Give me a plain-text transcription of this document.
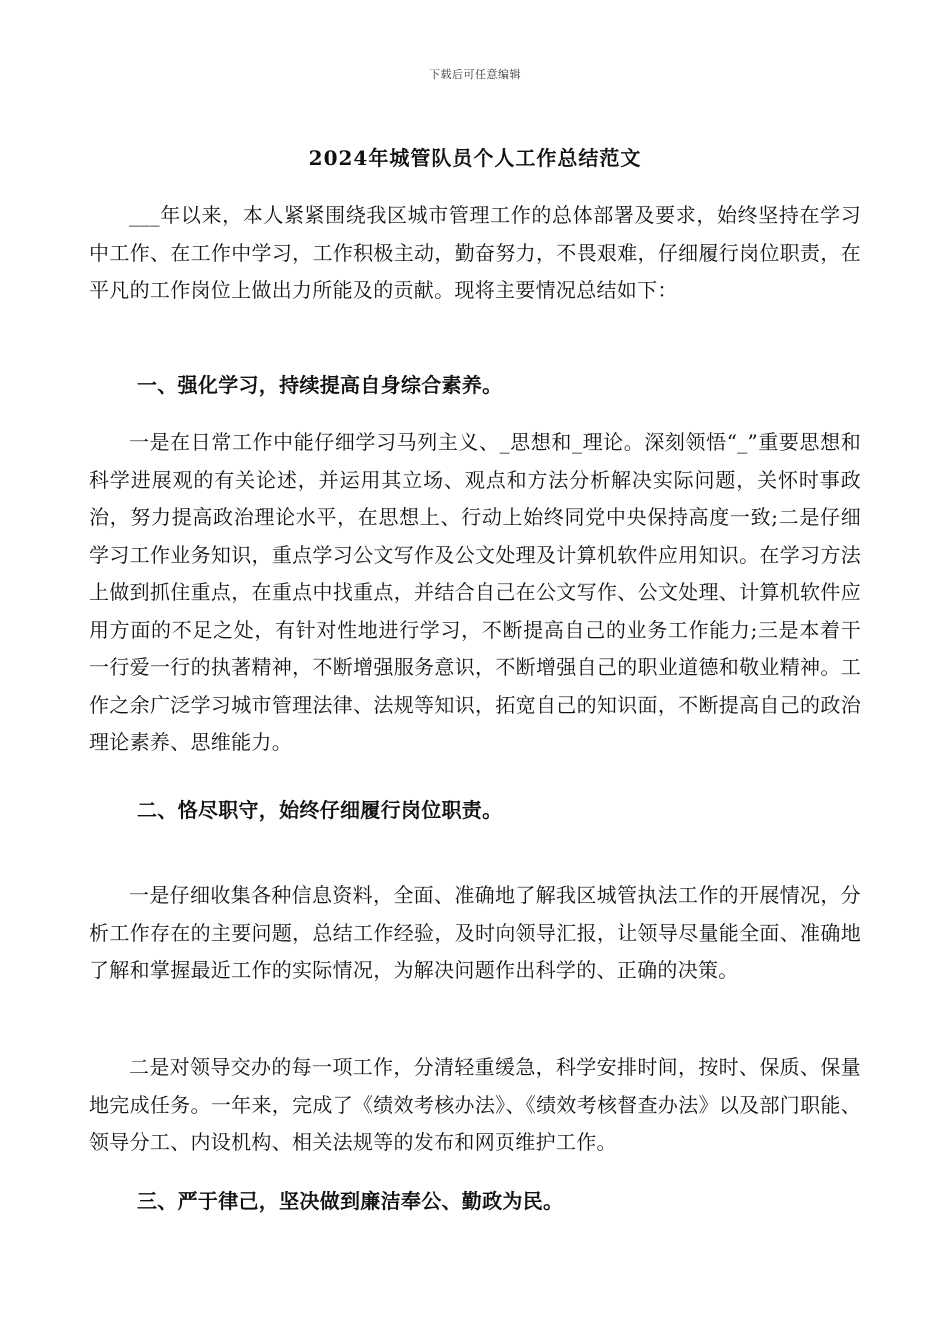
下载后可任意编辑
2024年城管队员个人工作总结范文

___年以来，本人紧紧围绕我区城市管理工作的总体部署及要求，始终坚持在学习中工作、在工作中学习，工作积极主动，勤奋努力，不畏艰难，仔细履行岗位职责，在平凡的工作岗位上做出力所能及的贡献。现将主要情况总结如下：

一、强化学习，持续提高自身综合素养。

一是在日常工作中能仔细学习马列主义、_思想和_理论。深刻领悟“_”重要思想和科学进展观的有关论述，并运用其立场、观点和方法分析解决实际问题，关怀时事政治，努力提高政治理论水平，在思想上、行动上始终同党中央保持高度一致;二是仔细学习工作业务知识，重点学习公文写作及公文处理及计算机软件应用知识。在学习方法上做到抓住重点，在重点中找重点，并结合自己在公文写作、公文处理、计算机软件应用方面的不足之处，有针对性地进行学习，不断提高自己的业务工作能力;三是本着干一行爱一行的执著精神，不断增强服务意识，不断增强自己的职业道德和敬业精神。工作之余广泛学习城市管理法律、法规等知识，拓宽自己的知识面，不断提高自己的政治理论素养、思维能力。

二、恪尽职守，始终仔细履行岗位职责。

一是仔细收集各种信息资料，全面、准确地了解我区城管执法工作的开展情况，分析工作存在的主要问题，总结工作经验，及时向领导汇报，让领导尽量能全面、准确地了解和掌握最近工作的实际情况，为解决问题作出科学的、正确的决策。

二是对领导交办的每一项工作，分清轻重缓急，科学安排时间，按时、保质、保量地完成任务。一年来，完成了《绩效考核办法》、《绩效考核督查办法》以及部门职能、领导分工、内设机构、相关法规等的发布和网页维护工作。

三、严于律己，坚决做到廉洁奉公、勤政为民。
